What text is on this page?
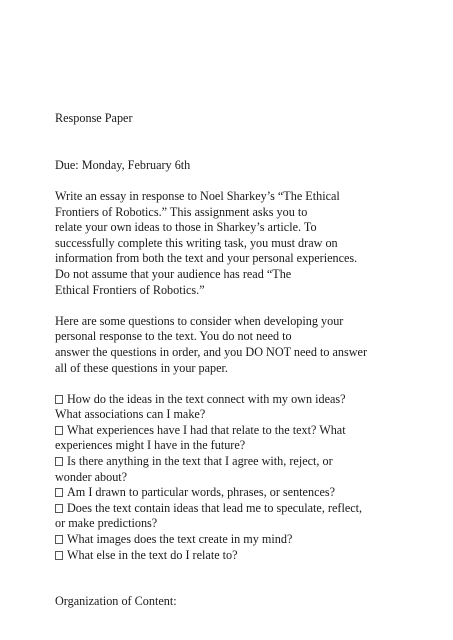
Response Paper
Due: Monday, February 6th
Write an essay in response to Noel Sharkey’s “The Ethical
Frontiers of Robotics.” This assignment asks you to
relate your own ideas to those in Sharkey’s article. To
successfully complete this writing task, you must draw on
information from both the text and your personal experiences.
Do not assume that your audience has read “The
Ethical Frontiers of Robotics.”
Here are some questions to consider when developing your
personal response to the text. You do not need to
answer the questions in order, and you DO NOT need to answer
all of these questions in your paper.
How do the ideas in the text connect with my own ideas?
What associations can I make?
What experiences have I had that relate to the text? What
experiences might I have in the future?
Is there anything in the text that I agree with, reject, or
wonder about?
Am I drawn to particular words, phrases, or sentences?
Does the text contain ideas that lead me to speculate, reflect,
or make predictions?
What images does the text create in my mind?
What else in the text do I relate to?
Organization of Content:
